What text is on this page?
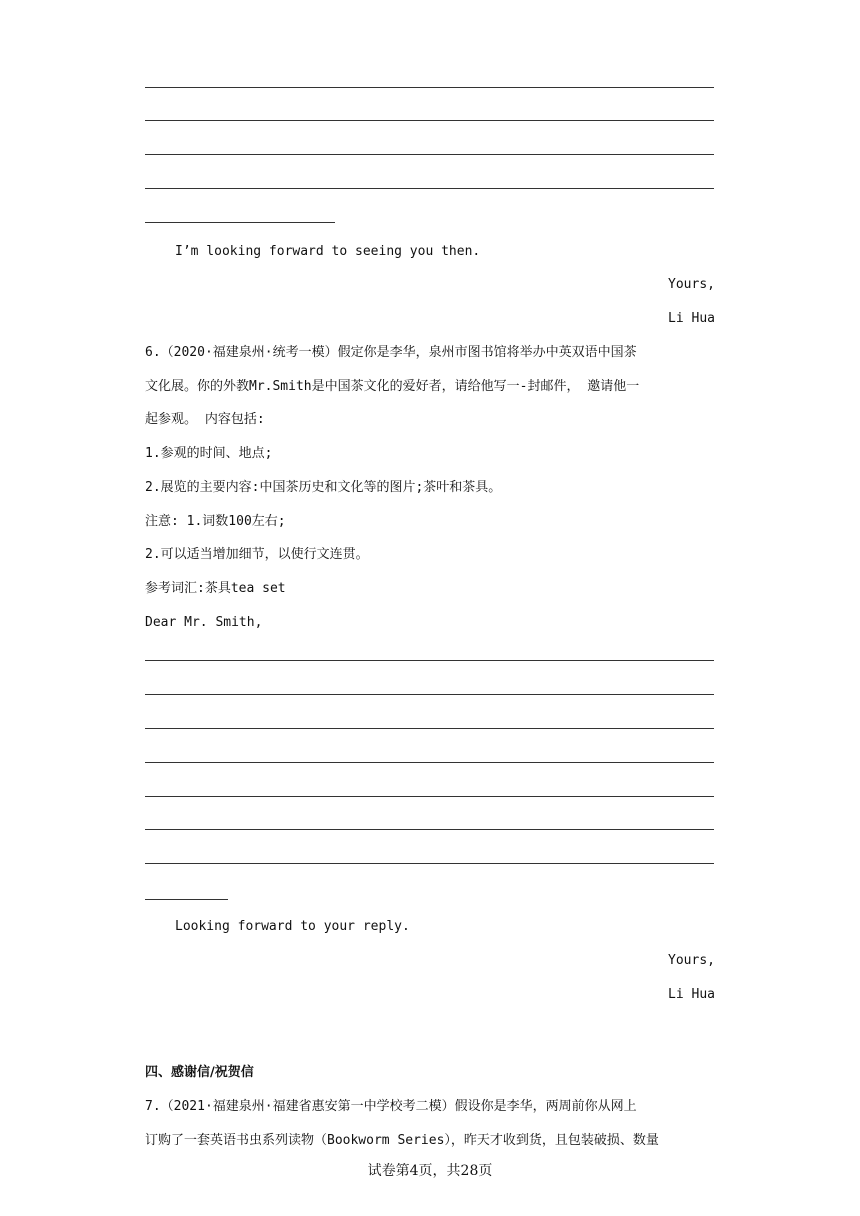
I’m looking forward to seeing you then.
Yours,
Li Hua
6.（2020·福建泉州·统考一模）假定你是李华，泉州市图书馆将举办中英双语中国茶
文化展。你的外教Mr.Smith是中国茶文化的爱好者，请给他写一-封邮件， 邀请他一
起参观。 内容包括:
1.参观的时间、地点;
2.展览的主要内容:中国茶历史和文化等的图片;茶叶和茶具。
注意: 1.词数100左右;
2.可以适当增加细节，以使行文连贯。
参考词汇:茶具tea set
Dear Mr. Smith,
Looking forward to your reply.
Yours,
Li Hua
四、感谢信/祝贺信
7.（2021·福建泉州·福建省惠安第一中学校考二模）假设你是李华，两周前你从网上
订购了一套英语书虫系列读物（Bookworm Series），昨天才收到货，且包装破损、数量
试卷第4页，共28页
